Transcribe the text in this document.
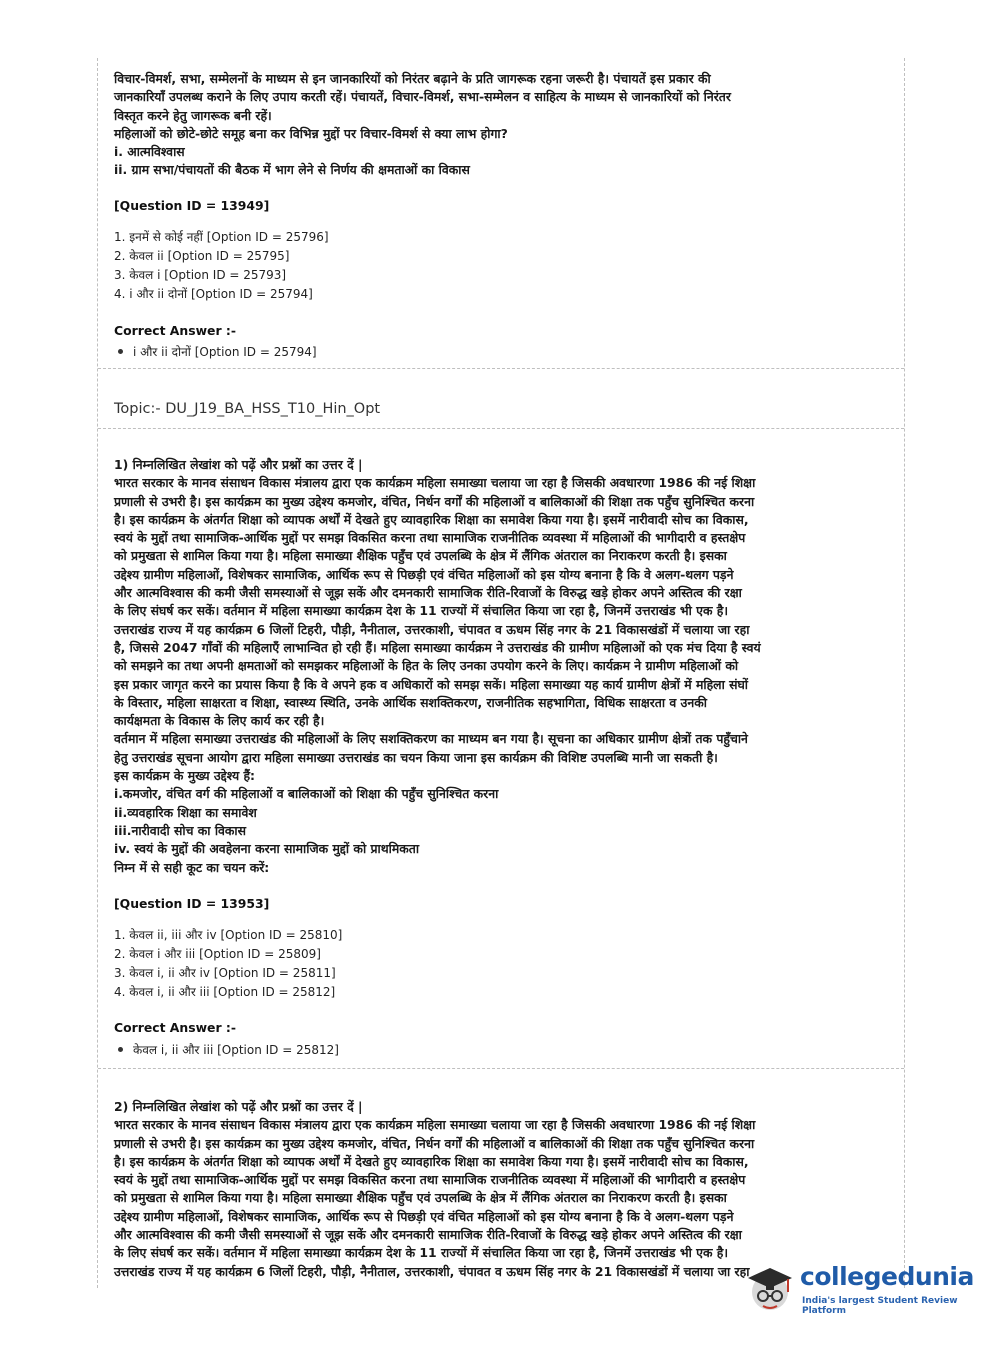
विचार-विमर्श, सभा, सम्मेलनों के माध्यम से इन जानकारियों को निरंतर बढ़ाने के प्रति जागरूक रहना जरूरी है। पंचायतें इस प्रकार की

जानकारियाँ उपलब्ध कराने के लिए उपाय करती रहें। पंचायतें, विचार-विमर्श, सभा-सम्मेलन व साहित्य के माध्यम से जानकारियों को निरंतर

विस्तृत करने हेतु जागरूक बनी रहें।

महिलाओं को छोटे-छोटे समूह बना कर विभिन्न मुद्दों पर विचार-विमर्श से क्या लाभ होगा?

i. आत्मविश्वास

ii. ग्राम सभा/पंचायतों की बैठक में भाग लेने से निर्णय की क्षमताओं का विकास

[Question ID = 13949]
1. इनमें से कोई नहीं [Option ID = 25796]
2. केवल ii [Option ID = 25795]
3. केवल i [Option ID = 25793]
4. i और ii दोनों [Option ID = 25794]
Correct Answer :-
i और ii दोनों [Option ID = 25794]
Topic:- DU_J19_BA_HSS_T10_Hin_Opt

1) निम्नलिखित लेखांश को पढ़ें और प्रश्नों का उत्तर दें |

भारत सरकार के मानव संसाधन विकास मंत्रालय द्वारा एक कार्यक्रम महिला समाख्या चलाया जा रहा है जिसकी अवधारणा 1986 की नई शिक्षा

प्रणाली से उभरी है। इस कार्यक्रम का मुख्य उद्देश्य कमजोर, वंचित, निर्धन वर्गों की महिलाओं व बालिकाओं की शिक्षा तक पहुँच सुनिश्चित करना

है। इस कार्यक्रम के अंतर्गत शिक्षा को व्यापक अर्थों में देखते हुए व्यावहारिक शिक्षा का समावेश किया गया है। इसमें नारीवादी सोच का विकास,

स्वयं के मुद्दों तथा सामाजिक-आर्थिक मुद्दों पर समझ विकसित करना तथा सामाजिक राजनीतिक व्यवस्था में महिलाओं की भागीदारी व हस्तक्षेप

को प्रमुखता से शामिल किया गया है। महिला समाख्या शैक्षिक पहुँच एवं उपलब्धि के क्षेत्र में लैंगिक अंतराल का निराकरण करती है। इसका

उद्देश्य ग्रामीण महिलाओं, विशेषकर सामाजिक, आर्थिक रूप से पिछड़ी एवं वंचित महिलाओं को इस योग्य बनाना है कि वे अलग-थलग पड़ने

और आत्मविश्वास की कमी जैसी समस्याओं से जूझ सकें और दमनकारी सामाजिक रीति-रिवाजों के विरुद्ध खड़े होकर अपने अस्तित्व की रक्षा

के लिए संघर्ष कर सकें। वर्तमान में महिला समाख्या कार्यक्रम देश के 11 राज्यों में संचालित किया जा रहा है, जिनमें उत्तराखंड भी एक है।

उत्तराखंड राज्य में यह कार्यक्रम 6 जिलों टिहरी, पौड़ी, नैनीताल, उत्तरकाशी, चंपावत व ऊधम सिंह नगर के 21 विकासखंडों में चलाया जा रहा

है, जिससे 2047 गाँवों की महिलाएँ लाभान्वित हो रही हैं। महिला समाख्या कार्यक्रम ने उत्तराखंड की ग्रामीण महिलाओं को एक मंच दिया है स्वयं

को समझने का तथा अपनी क्षमताओं को समझकर महिलाओं के हित के लिए उनका उपयोग करने के लिए। कार्यक्रम ने ग्रामीण महिलाओं को

इस प्रकार जागृत करने का प्रयास किया है कि वे अपने हक व अधिकारों को समझ सकें। महिला समाख्या यह कार्य ग्रामीण क्षेत्रों में महिला संघों

के विस्तार, महिला साक्षरता व शिक्षा, स्वास्थ्य स्थिति, उनके आर्थिक सशक्तिकरण, राजनीतिक सहभागिता, विधिक साक्षरता व उनकी

कार्यक्षमता के विकास के लिए कार्य कर रही है।

वर्तमान में महिला समाख्या उत्तराखंड की महिलाओं के लिए सशक्तिकरण का माध्यम बन गया है। सूचना का अधिकार ग्रामीण क्षेत्रों तक पहुँचाने

हेतु उत्तराखंड सूचना आयोग द्वारा महिला समाख्या उत्तराखंड का चयन किया जाना इस कार्यक्रम की विशिष्ट उपलब्धि मानी जा सकती है।

इस कार्यक्रम के मुख्य उद्देश्य हैं:

i.कमजोर, वंचित वर्ग की महिलाओं व बालिकाओं को शिक्षा की पहुँच सुनिश्चित करना

ii.व्यवहारिक शिक्षा का समावेश

iii.नारीवादी सोच का विकास

iv. स्वयं के मुद्दों की अवहेलना करना सामाजिक मुद्दों को प्राथमिकता

निम्न में से सही कूट का चयन करें:

[Question ID = 13953]
1. केवल ii, iii और iv [Option ID = 25810]
2. केवल i और iii [Option ID = 25809]
3. केवल i, ii और iv [Option ID = 25811]
4. केवल i, ii और iii [Option ID = 25812]
Correct Answer :-
केवल i, ii और iii [Option ID = 25812]

2) निम्नलिखित लेखांश को पढ़ें और प्रश्नों का उत्तर दें |

भारत सरकार के मानव संसाधन विकास मंत्रालय द्वारा एक कार्यक्रम महिला समाख्या चलाया जा रहा है जिसकी अवधारणा 1986 की नई शिक्षा

प्रणाली से उभरी है। इस कार्यक्रम का मुख्य उद्देश्य कमजोर, वंचित, निर्धन वर्गों की महिलाओं व बालिकाओं की शिक्षा तक पहुँच सुनिश्चित करना

है। इस कार्यक्रम के अंतर्गत शिक्षा को व्यापक अर्थों में देखते हुए व्यावहारिक शिक्षा का समावेश किया गया है। इसमें नारीवादी सोच का विकास,

स्वयं के मुद्दों तथा सामाजिक-आर्थिक मुद्दों पर समझ विकसित करना तथा सामाजिक राजनीतिक व्यवस्था में महिलाओं की भागीदारी व हस्तक्षेप

को प्रमुखता से शामिल किया गया है। महिला समाख्या शैक्षिक पहुँच एवं उपलब्धि के क्षेत्र में लैंगिक अंतराल का निराकरण करती है। इसका

उद्देश्य ग्रामीण महिलाओं, विशेषकर सामाजिक, आर्थिक रूप से पिछड़ी एवं वंचित महिलाओं को इस योग्य बनाना है कि वे अलग-थलग पड़ने

और आत्मविश्वास की कमी जैसी समस्याओं से जूझ सकें और दमनकारी सामाजिक रीति-रिवाजों के विरुद्ध खड़े होकर अपने अस्तित्व की रक्षा

के लिए संघर्ष कर सकें। वर्तमान में महिला समाख्या कार्यक्रम देश के 11 राज्यों में संचालित किया जा रहा है, जिनमें उत्तराखंड भी एक है।

उत्तराखंड राज्य में यह कार्यक्रम 6 जिलों टिहरी, पौड़ी, नैनीताल, उत्तरकाशी, चंपावत व ऊधम सिंह नगर के 21 विकासखंडों में चलाया जा रहा	collegedunia
India's largest Student Review Platform
